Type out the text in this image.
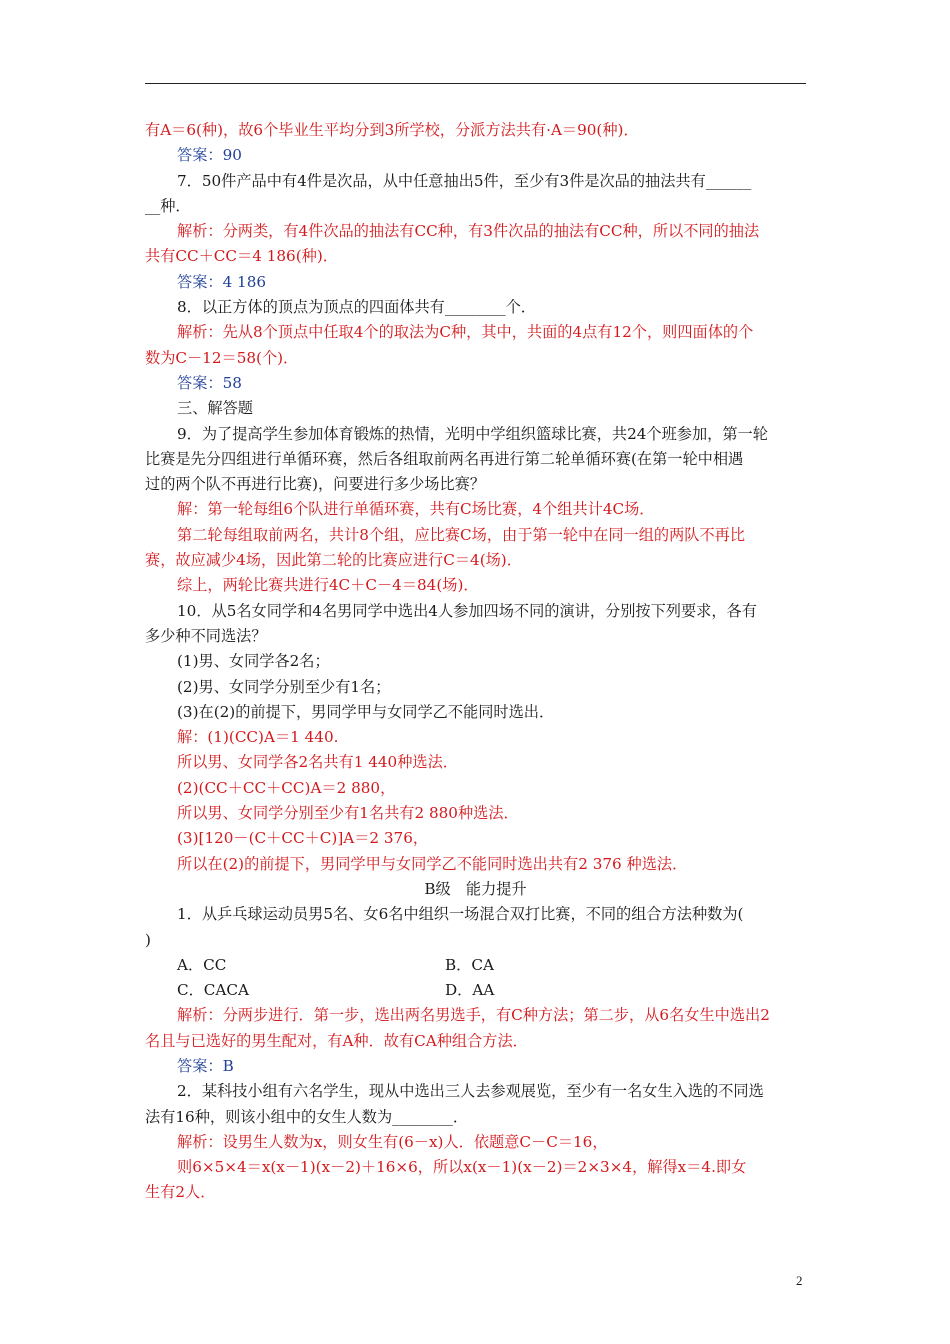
有A＝6(种)，故6个毕业生平均分到3所学校，分派方法共有·A＝90(种)．

答案：90

7．50件产品中有4件是次品，从中任意抽出5件，至少有3件是次品的抽法共有______

__种．

解析：分两类，有4件次品的抽法有CC种，有3件次品的抽法有CC种，所以不同的抽法

共有CC＋CC＝4 186(种)．

答案：4 186

8．以正方体的顶点为顶点的四面体共有________个．

解析：先从8个顶点中任取4个的取法为C种，其中，共面的4点有12个，则四面体的个

数为C－12＝58(个)．

答案：58

三、解答题

9．为了提高学生参加体育锻炼的热情，光明中学组织篮球比赛，共24个班参加，第一轮

比赛是先分四组进行单循环赛，然后各组取前两名再进行第二轮单循环赛(在第一轮中相遇

过的两个队不再进行比赛)，问要进行多少场比赛？

解：第一轮每组6个队进行单循环赛，共有C场比赛，4个组共计4C场．

第二轮每组取前两名，共计8个组，应比赛C场，由于第一轮中在同一组的两队不再比

赛，故应减少4场，因此第二轮的比赛应进行C＝4(场)．

综上，两轮比赛共进行4C＋C－4＝84(场)．

10．从5名女同学和4名男同学中选出4人参加四场不同的演讲，分别按下列要求，各有

多少种不同选法？

(1)男、女同学各2名；

(2)男、女同学分别至少有1名；

(3)在(2)的前提下，男同学甲与女同学乙不能同时选出．

解：(1)(CC)A＝1 440.

所以男、女同学各2名共有1 440种选法．

(2)(CC＋CC＋CC)A＝2 880，

所以男、女同学分别至少有1名共有2 880种选法．

(3)[120－(C＋CC＋C)]A＝2 376，

所以在(2)的前提下，男同学甲与女同学乙不能同时选出共有2 376 种选法．

B级　能力提升

1．从乒乓球运动员男5名、女6名中组织一场混合双打比赛，不同的组合方法种数为(

)

A．CC	B．CA
C．CACA	D．AA

解析：分两步进行．第一步，选出两名男选手，有C种方法；第二步，从6名女生中选出2

名且与已选好的男生配对，有A种．故有CA种组合方法．

答案：B

2．某科技小组有六名学生，现从中选出三人去参观展览，至少有一名女生入选的不同选

法有16种，则该小组中的女生人数为________．

解析：设男生人数为x，则女生有(6－x)人．依题意C－C＝16，

则6×5×4＝x(x－1)(x－2)＋16×6，所以x(x－1)(x－2)＝2×3×4，解得x＝4.即女

生有2人．

2
